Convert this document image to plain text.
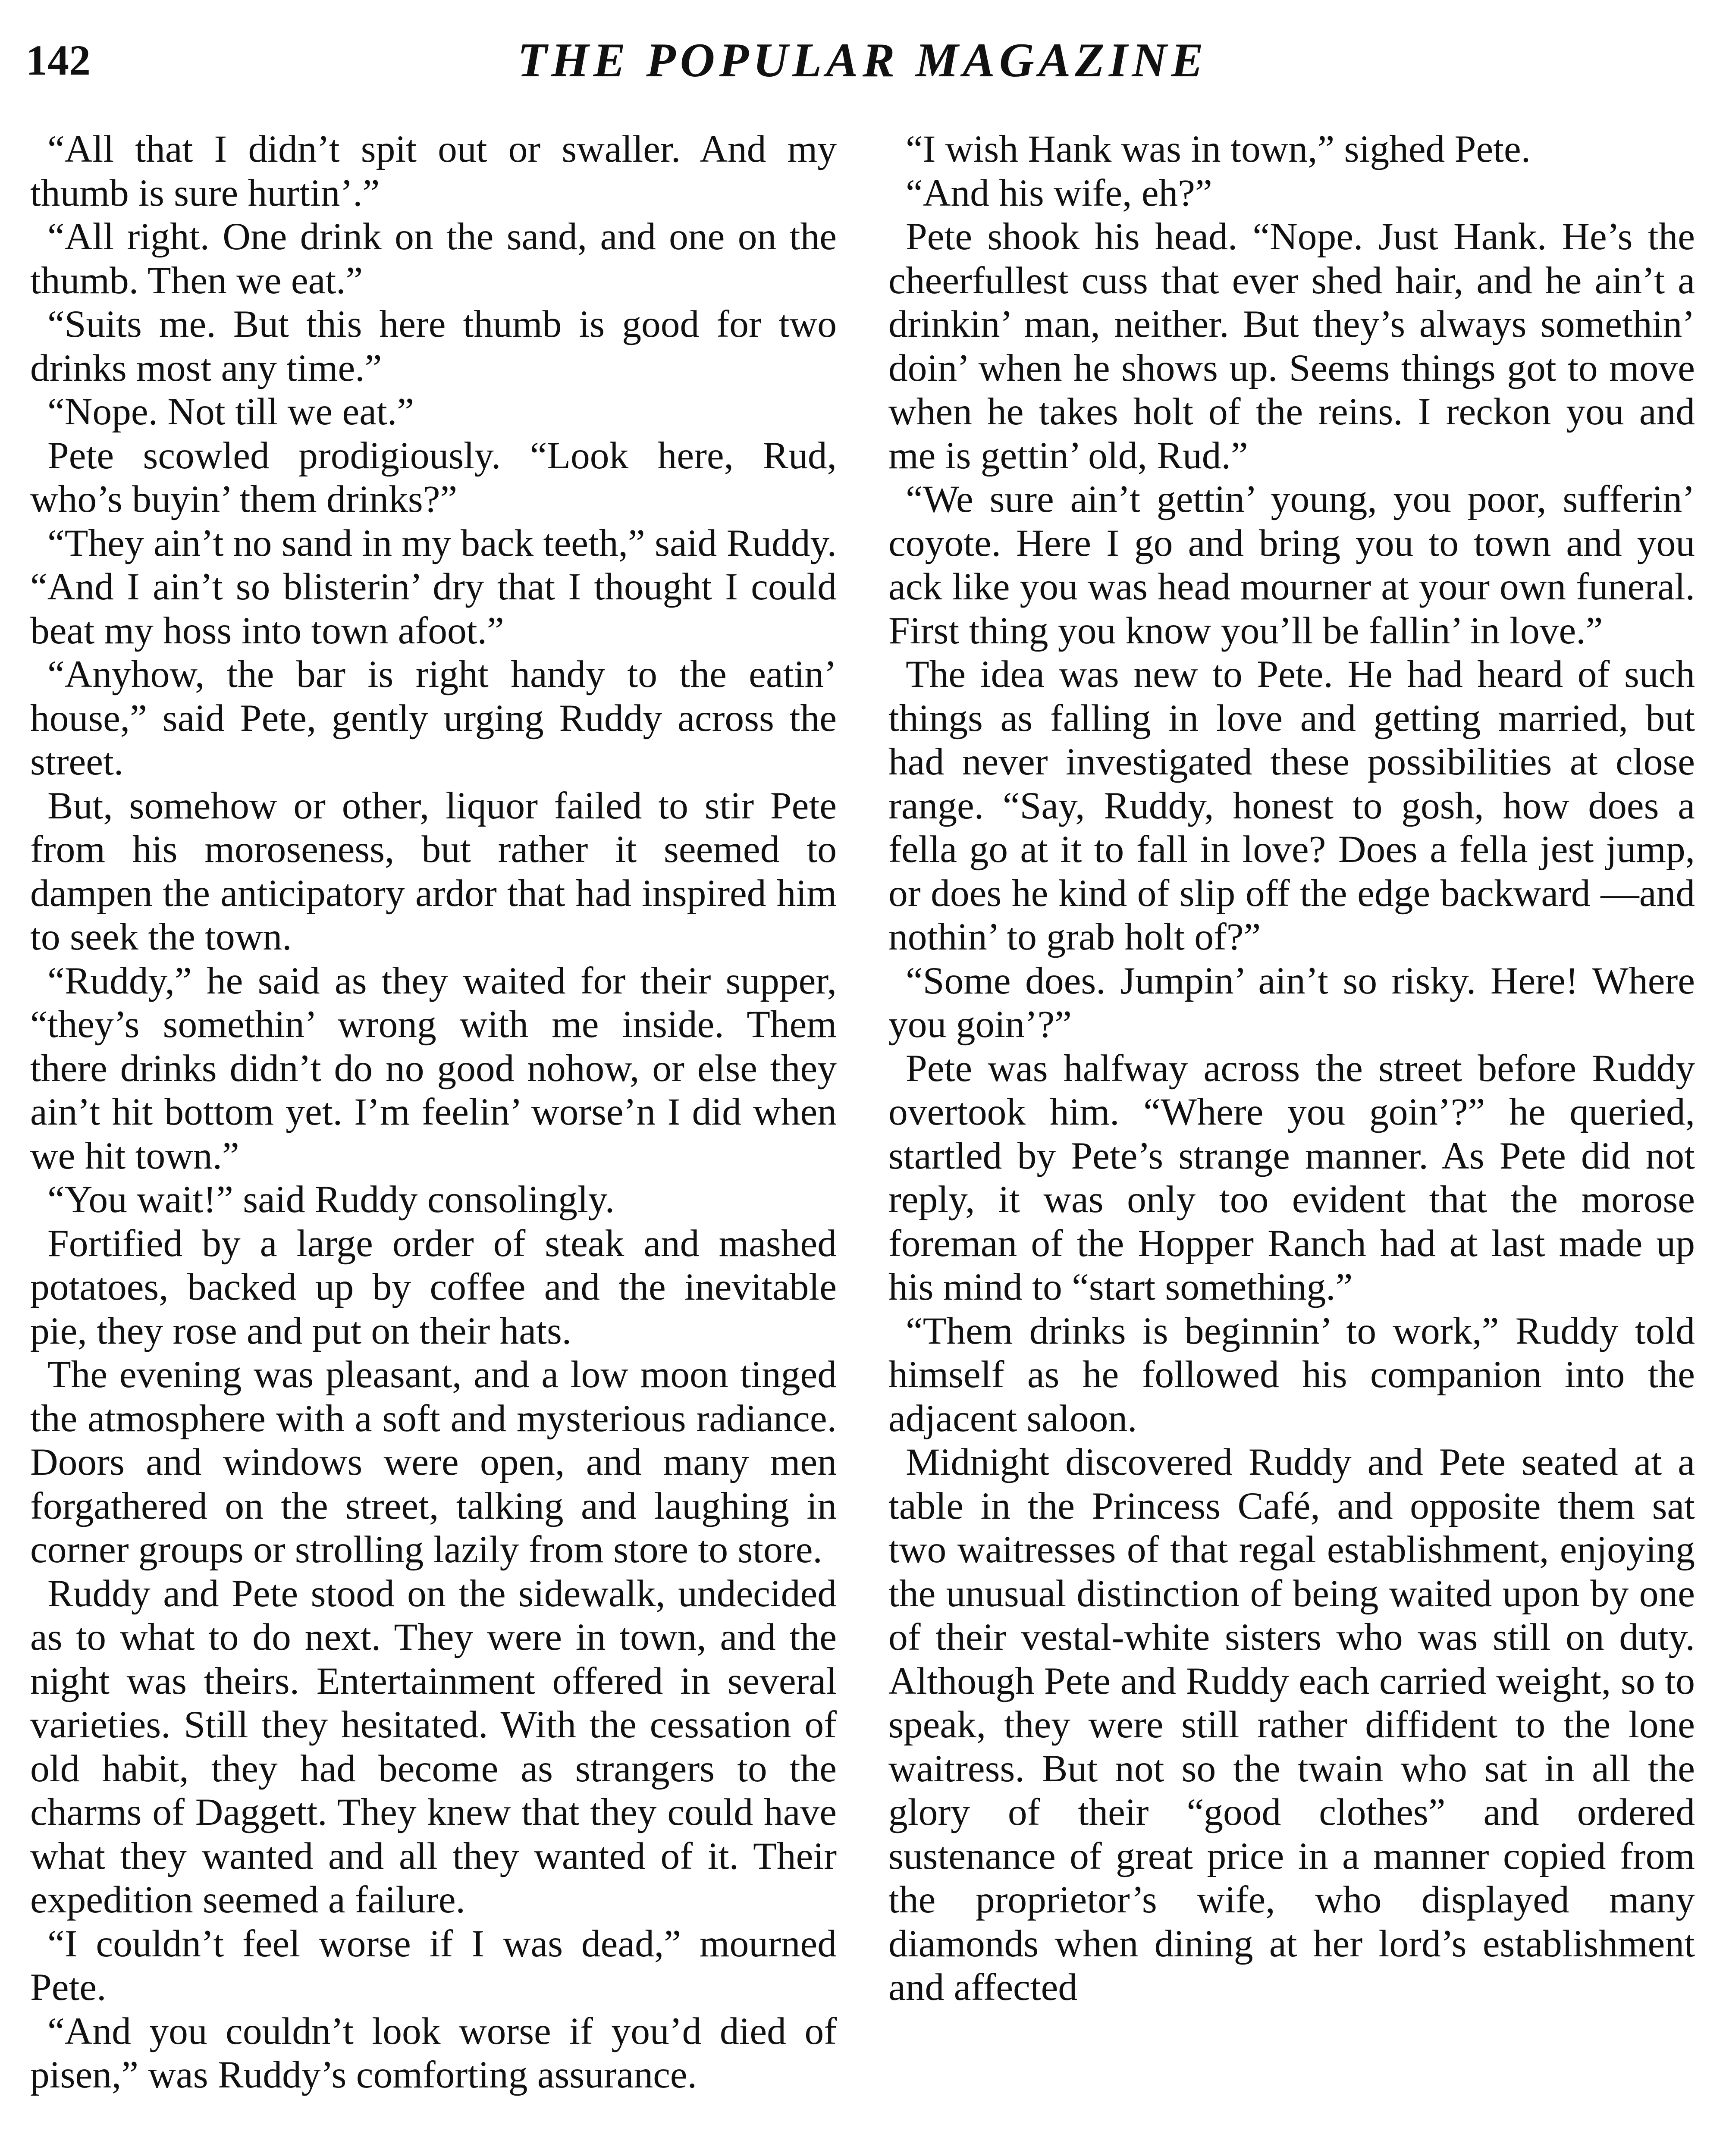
142	THE POPULAR MAGAZINE

“All that I didn’t spit out or swaller. And my thumb is sure hurtin’.”

“All right. One drink on the sand, and one on the thumb. Then we eat.”

“Suits me. But this here thumb is good for two drinks most any time.”

“Nope. Not till we eat.”

Pete scowled prodigiously. “Look here, Rud, who’s buyin’ them drinks?”

“They ain’t no sand in my back teeth,” said Ruddy. “And I ain’t so blisterin’ dry that I thought I could beat my hoss into town afoot.”

“Anyhow, the bar is right handy to the eatin’ house,” said Pete, gently urging Ruddy across the street.

But, somehow or other, liquor failed to stir Pete from his moroseness, but rather it seemed to dampen the anticipatory ardor that had inspired him to seek the town.

“Ruddy,” he said as they waited for their supper, “they’s somethin’ wrong with me inside. Them there drinks didn’t do no good nohow, or else they ain’t hit bottom yet. I’m feelin’ worse’n I did when we hit town.”

“You wait!” said Ruddy consolingly.

Fortified by a large order of steak and mashed potatoes, backed up by coffee and the inevitable pie, they rose and put on their hats.

The evening was pleasant, and a low moon tinged the atmosphere with a soft and mysterious radiance. Doors and windows were open, and many men forgathered on the street, talking and laughing in corner groups or strolling lazily from store to store.

Ruddy and Pete stood on the sidewalk, undecided as to what to do next. They were in town, and the night was theirs. Entertainment offered in several varieties. Still they hesitated. With the cessation of old habit, they had become as strangers to the charms of Daggett. They knew that they could have what they wanted and all they wanted of it. Their expedition seemed a failure.

“I couldn’t feel worse if I was dead,” mourned Pete.

“And you couldn’t look worse if you’d died of pisen,” was Ruddy’s comforting assurance.

“I wish Hank was in town,” sighed Pete.

“And his wife, eh?”

Pete shook his head. “Nope. Just Hank. He’s the cheerfullest cuss that ever shed hair, and he ain’t a drinkin’ man, neither. But they’s always somethin’ doin’ when he shows up. Seems things got to move when he takes holt of the reins. I reckon you and me is gettin’ old, Rud.”

“We sure ain’t gettin’ young, you poor, sufferin’ coyote. Here I go and bring you to town and you ack like you was head mourner at your own funeral. First thing you know you’ll be fallin’ in love.”

The idea was new to Pete. He had heard of such things as falling in love and getting married, but had never investigated these possibilities at close range. “Say, Ruddy, honest to gosh, how does a fella go at it to fall in love? Does a fella jest jump, or does he kind of slip off the edge backward —and nothin’ to grab holt of?”

“Some does. Jumpin’ ain’t so risky. Here! Where you goin’?”

Pete was halfway across the street before Ruddy overtook him. “Where you goin’?” he queried, startled by Pete’s strange manner. As Pete did not reply, it was only too evident that the morose foreman of the Hopper Ranch had at last made up his mind to “start something.”

“Them drinks is beginnin’ to work,” Ruddy told himself as he followed his companion into the adjacent saloon.

Midnight discovered Ruddy and Pete seated at a table in the Princess Café, and opposite them sat two waitresses of that regal establishment, enjoying the unusual distinction of being waited upon by one of their vestal-white sisters who was still on duty. Although Pete and Ruddy each carried weight, so to speak, they were still rather diffident to the lone waitress. But not so the twain who sat in all the glory of their “good clothes” and ordered sustenance of great price in a manner copied from the proprietor’s wife, who displayed many diamonds when dining at her lord’s establishment and affected
